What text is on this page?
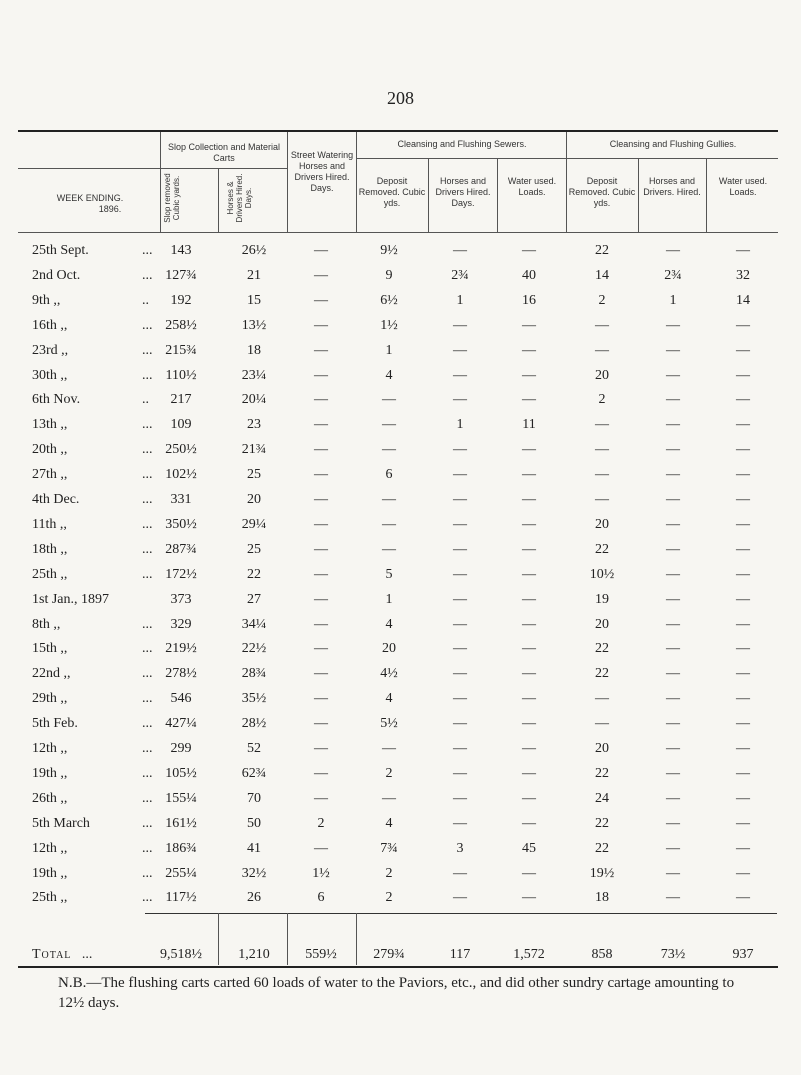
208
WEEK ENDING.
1896.
Slop Collection and Material Carts
Slop removed Cubic yards.	Horses & Drivers Hired. Days.
Street Watering Horses and Drivers Hired. Days.
Cleansing and Flushing Sewers.
Deposit Removed. Cubic yds.
Horses and Drivers Hired. Days.
Water used. Loads.
Cleansing and Flushing Gullies.
Deposit Removed. Cubic yds.
Horses and Drivers. Hired.
Water used. Loads.
25th Sept.	...	143	26½	—	9½	—	—	22	—	—
2nd Oct.	... 127¾	21	—	9	2¾	40	14	2¾	32
9th ,,	..	192	15	—	6½	1	16	2	1	14
16th ,,	... 258½	13½	—	1½	—	—	—	—	—
23rd ,,	... 215¾	18	—	1	—	—	—	—	—
30th ,,	... 110½	23¼	—	4	—	—	20	—	—
6th Nov.	..	217	20¼	—	—	—	—	2	—	—
13th ,,	...	109	23	—	—	1	11	—	—	—
20th ,,	... 250½	21¾	—	—	—	—	—	—	—
27th ,,	... 102½	25	—	6	—	—	—	—	—
4th Dec.	...	331	20	—	—	—	—	—	—	—
11th ,,	... 350½	29¼	—	—	—	—	20	—	—
18th ,,	... 287¾	25	—	—	—	—	22	—	—
25th ,,	... 172½	22	—	5	—	—	10½	—	—
1st Jan., 1897	373	27	—	1	—	—	19	—	—
8th ,,	...	329	34¼	—	4	—	—	20	—	—
15th ,,	... 219½	22½	—	20	—	—	22	—	—
22nd ,,	... 278½	28¾	—	4½	—	—	22	—	—
29th ,,	...	546	35½	—	4	—	—	—	—	—
5th Feb.	... 427¼	28½	—	5½	—	—	—	—	—
12th ,,	...	299	52	—	—	—	—	20	—	—
19th ,,	... 105½	62¾	—	2	—	—	22	—	—
26th ,,	... 155¼	70	—	—	—	—	24	—	—
5th March	... 161½	50	2	4	—	—	22	—	—
12th ,,	... 186¾	41	—	7¾	3	45	22	—	—
19th ,,	... 255¼	32½	1½	2	—	—	19½	—	—
25th ,,	... 117½	26	6	2	—	—	18	—	—
Total ...	9,518½	1,210	559½	279¾	117	1,572	858	73½	937
N.B.—The flushing carts carted 60 loads of water to the Paviors, etc., and did other sundry cartage amounting to 12½ days.
